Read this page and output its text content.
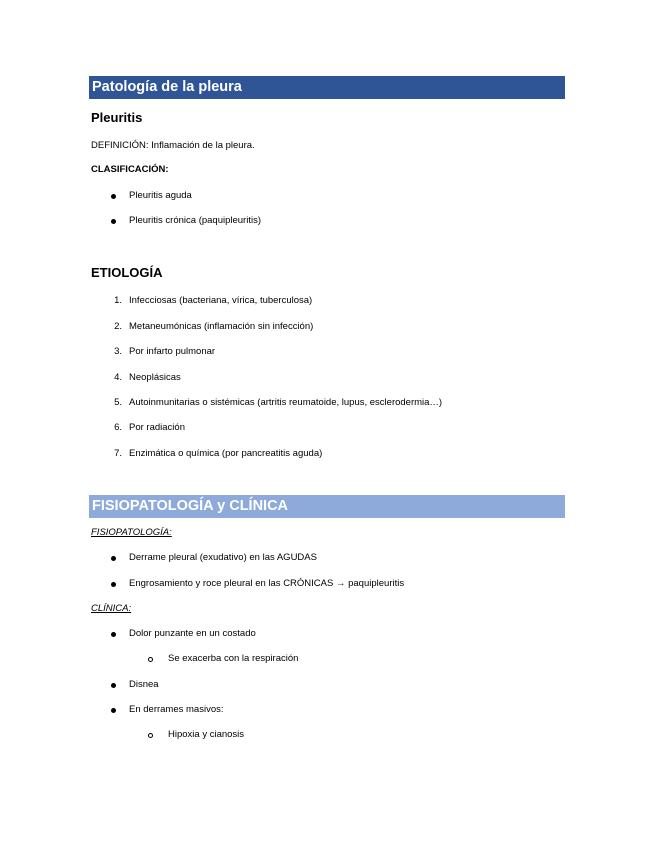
Patología de la pleura
Pleuritis
DEFINICIÓN: Inflamación de la pleura.
CLASIFICACIÓN:
Pleuritis aguda
Pleuritis crónica (paquipleuritis)
ETIOLOGÍA
1. Infecciosas (bacteriana, vírica, tuberculosa)
2. Metaneumónicas (inflamación sin infección)
3. Por infarto pulmonar
4. Neoplásicas
5. Autoinmunitarias o sistémicas (artritis reumatoide, lupus, esclerodermia…)
6. Por radiación
7. Enzimática o química (por pancreatitis aguda)
FISIOPATOLOGÍA y CLÍNICA
FISIOPATOLOGÍA:
Derrame pleural (exudativo) en las AGUDAS
Engrosamiento y roce pleural en las CRÓNICAS → paquipleuritis
CLÍNICA:
Dolor punzante en un costado
Se exacerba con la respiración
Disnea
En derrames masivos:
Hipoxia y cianosis
